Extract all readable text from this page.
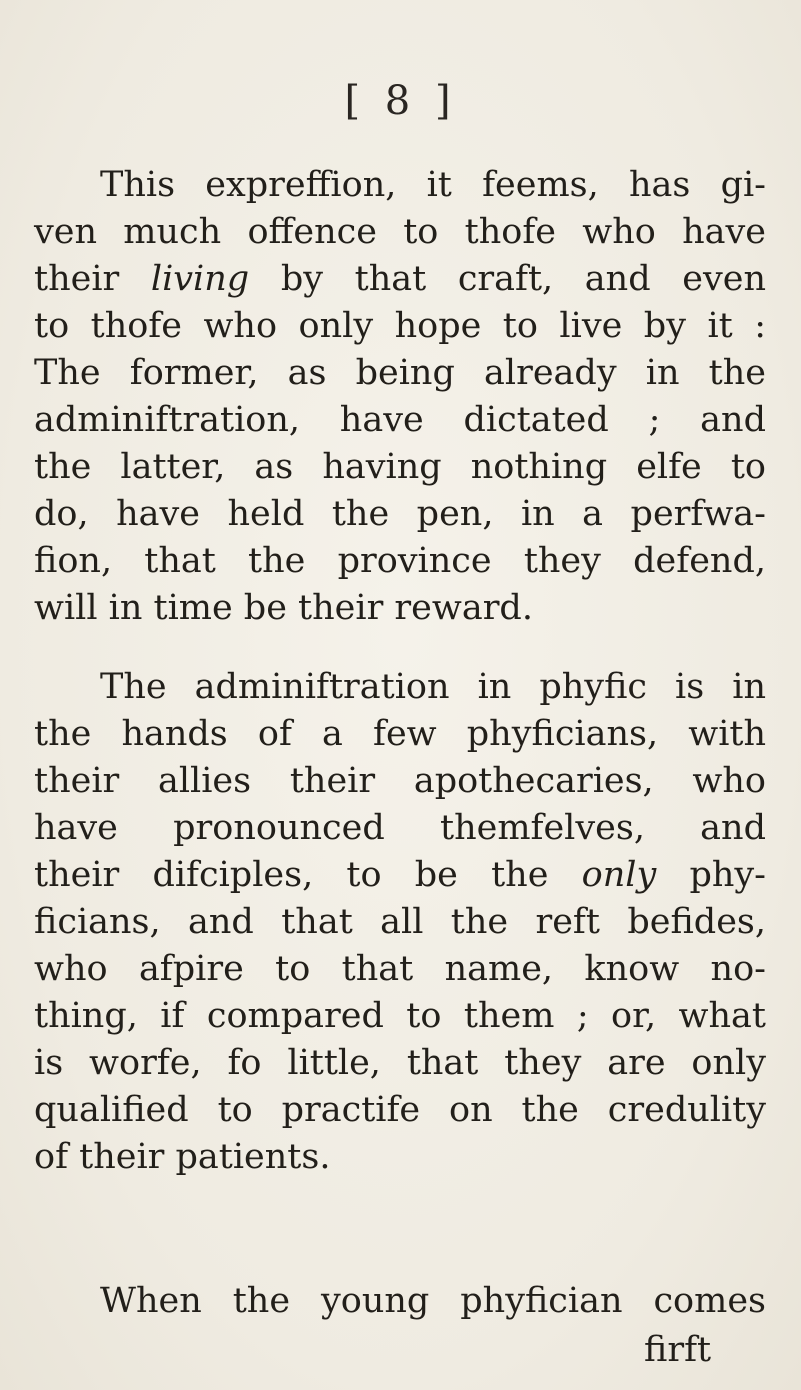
[ 8 ]
This expreffion, it feems, has gi-
ven much offence to thofe who have
their living by that craft, and even
to thofe who only hope to live by it :
The former, as being already in the
adminiftration, have dictated ; and
the latter, as having nothing elfe to
do, have held the pen, in a perfwa-
fion, that the province they defend,
will in time be their reward.
The adminiftration in phyfic is in
the hands of a few phyficians, with
their allies their apothecaries, who
have pronounced themfelves, and
their difciples, to be the only phy-
ficians, and that all the reft befides,
who afpire to that name, know no-
thing, if compared to them ; or, what
is worfe, fo little, that they are only
qualified to practife on the credulity
of their patients.
When the young phyfician comes
firft
